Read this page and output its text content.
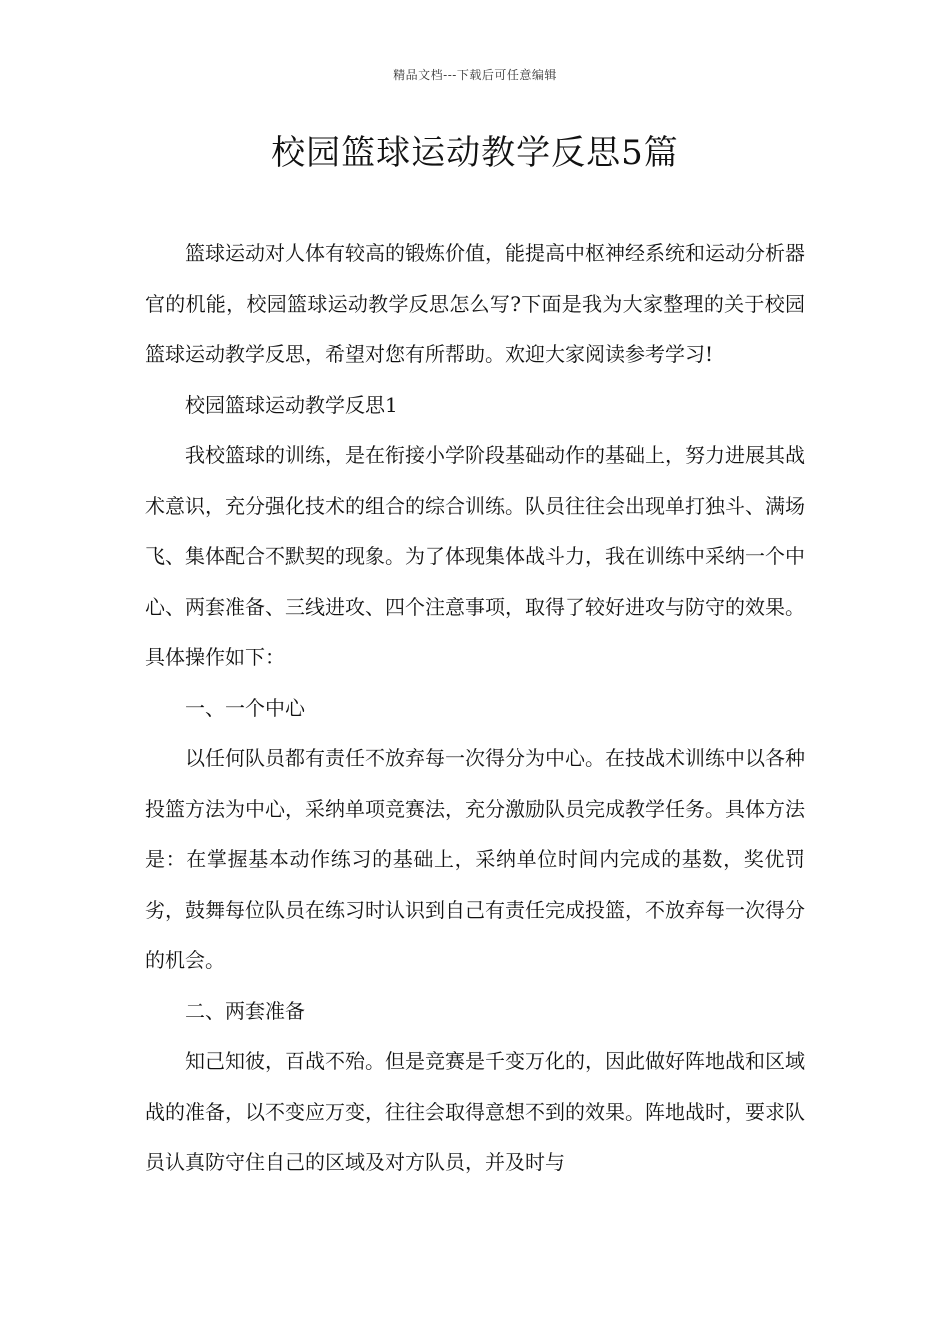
精品文档---下载后可任意编辑
校园篮球运动教学反思5篇

篮球运动对人体有较高的锻炼价值，能提高中枢神经系统和运动分析器官的机能，校园篮球运动教学反思怎么写?下面是我为大家整理的关于校园篮球运动教学反思，希望对您有所帮助。欢迎大家阅读参考学习!

校园篮球运动教学反思1

我校篮球的训练，是在衔接小学阶段基础动作的基础上，努力进展其战术意识，充分强化技术的组合的综合训练。队员往往会出现单打独斗、满场飞、集体配合不默契的现象。为了体现集体战斗力，我在训练中采纳一个中心、两套准备、三线进攻、四个注意事项，取得了较好进攻与防守的效果。具体操作如下：

一、一个中心

以任何队员都有责任不放弃每一次得分为中心。在技战术训练中以各种投篮方法为中心，采纳单项竞赛法，充分激励队员完成教学任务。具体方法是：在掌握基本动作练习的基础上，采纳单位时间内完成的基数，奖优罚劣，鼓舞每位队员在练习时认识到自己有责任完成投篮，不放弃每一次得分的机会。

二、两套准备

知己知彼，百战不殆。但是竞赛是千变万化的，因此做好阵地战和区域战的准备，以不变应万变，往往会取得意想不到的效果。阵地战时，要求队员认真防守住自己的区域及对方队员，并及时与
